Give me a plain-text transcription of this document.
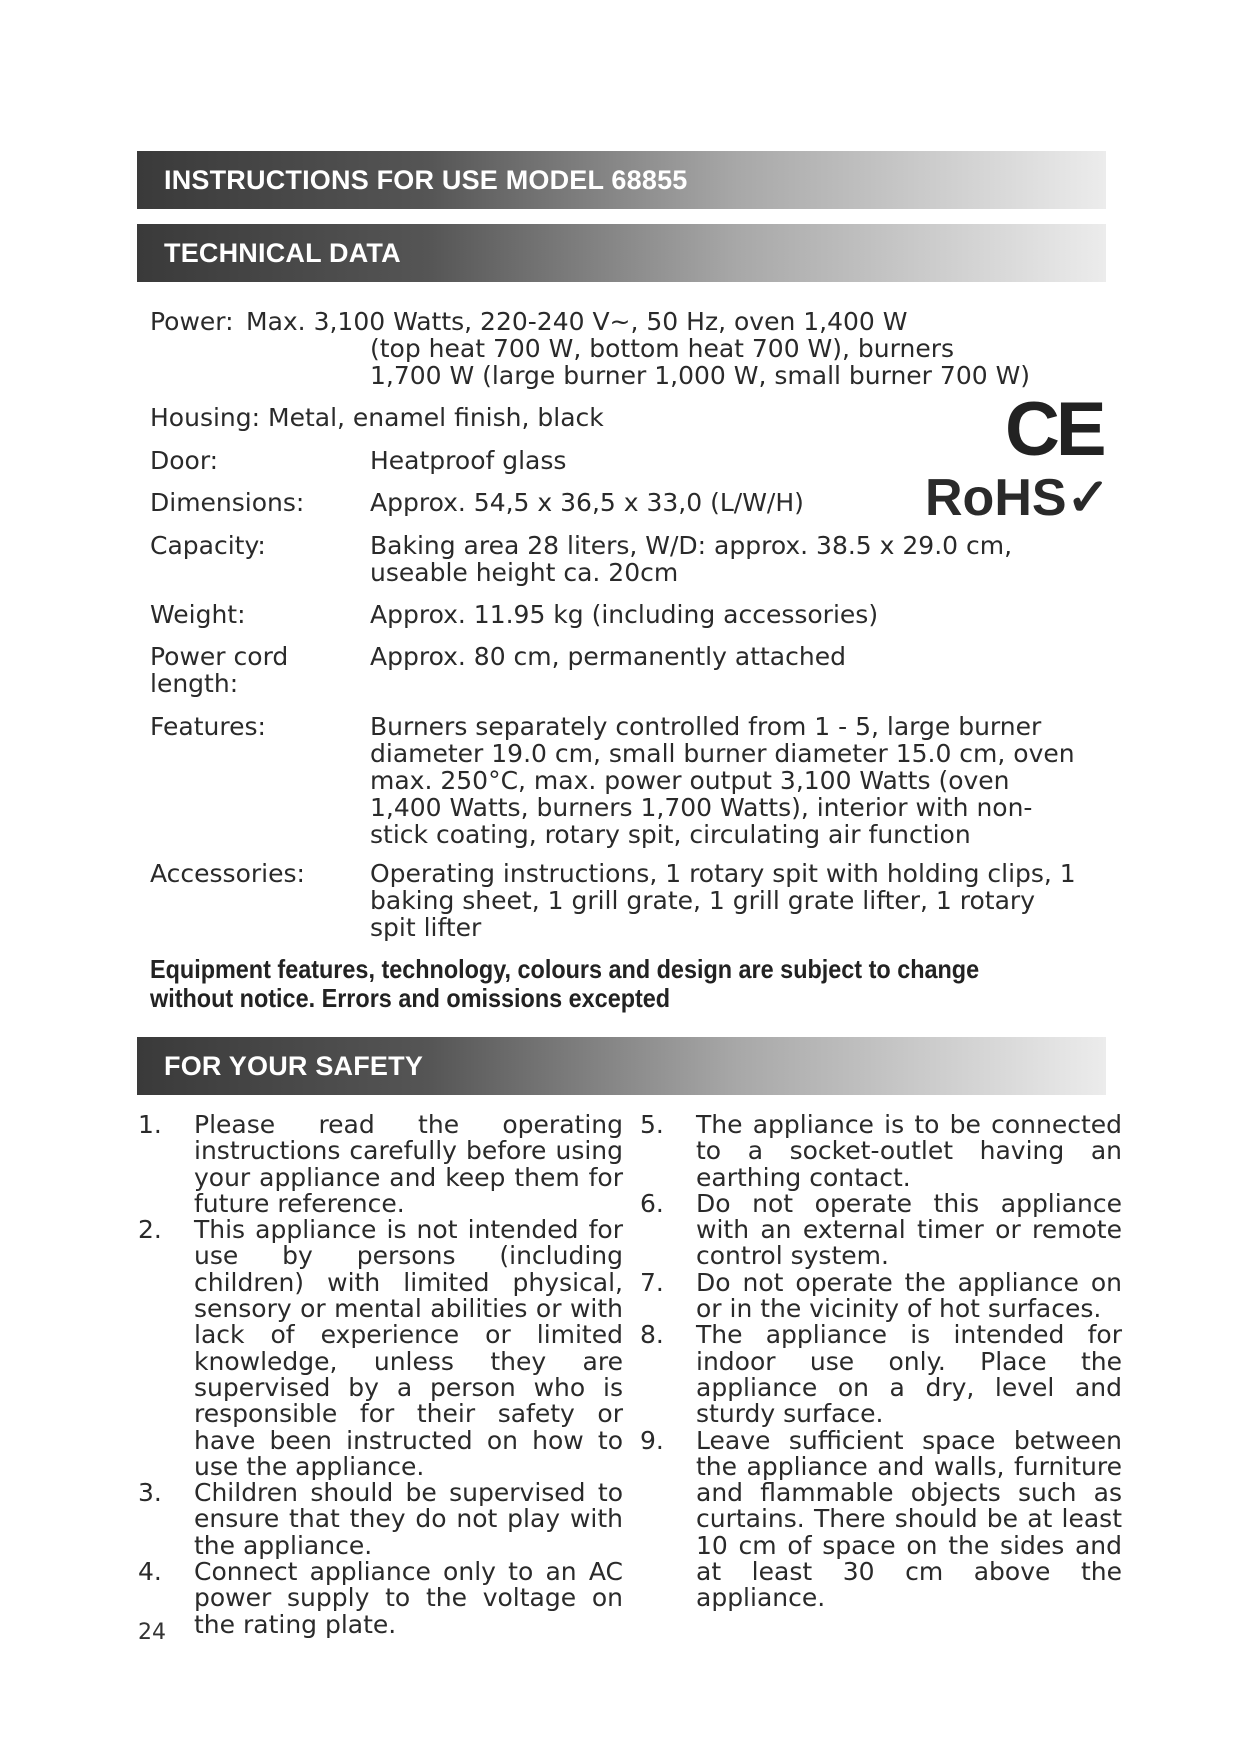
INSTRUCTIONS FOR USE MODEL 68855
TECHNICAL DATA
Power: Max. 3,100 Watts, 220-240 V~, 50 Hz, oven 1,400 W
(top heat 700 W, bottom heat 700 W), burners
1,700 W (large burner 1,000 W, small burner 700 W)
Housing: Metal, enamel finish, black
Door:	Heatproof glass
Dimensions:	Approx. 54,5 x 36,5 x 33,0 (L/W/H)
Capacity:	Baking area 28 liters, W/D: approx. 38.5 x 29.0 cm, useable height ca. 20cm
Weight:	Approx. 11.95 kg (including accessories)
Power cord length:
Approx. 80 cm, permanently attached
Features:	Burners separately controlled from 1 - 5, large burner diameter 19.0 cm, small burner diameter 15.0 cm, oven max. 250°C, max. power output 3,100 Watts (oven 1,400 Watts, burners 1,700 Watts), interior with non-stick coating, rotary spit, circulating air function
Accessories:	Operating instructions, 1 rotary spit with holding clips, 1 baking sheet, 1 grill grate, 1 grill grate lifter, 1 rotary spit lifter
CE
RoHS✓
Equipment features, technology, colours and design are subject to change without notice. Errors and omissions excepted
FOR YOUR SAFETY
1. Please read the operating instructions carefully before using your appliance and keep them for future reference.
2. This appliance is not intended for use by persons (including children) with limited physical, sensory or mental abilities or with lack of experience or limited knowledge, unless they are supervised by a person who is responsible for their safety or have been instructed on how to use the appliance.
3. Children should be supervised to ensure that they do not play with the appliance.
4. Connect appliance only to an AC power supply to the voltage on the rating plate.
5. The appliance is to be connected to a socket-outlet having an earthing contact.
6. Do not operate this appliance with an external timer or remote control system.
7. Do not operate the appliance on or in the vicinity of hot surfaces.
8. The appliance is intended for indoor use only. Place the appliance on a dry, level and sturdy surface.
9. Leave sufficient space between the appliance and walls, furniture and flammable objects such as curtains. There should be at least 10 cm of space on the sides and at least 30 cm above the appliance.
24
